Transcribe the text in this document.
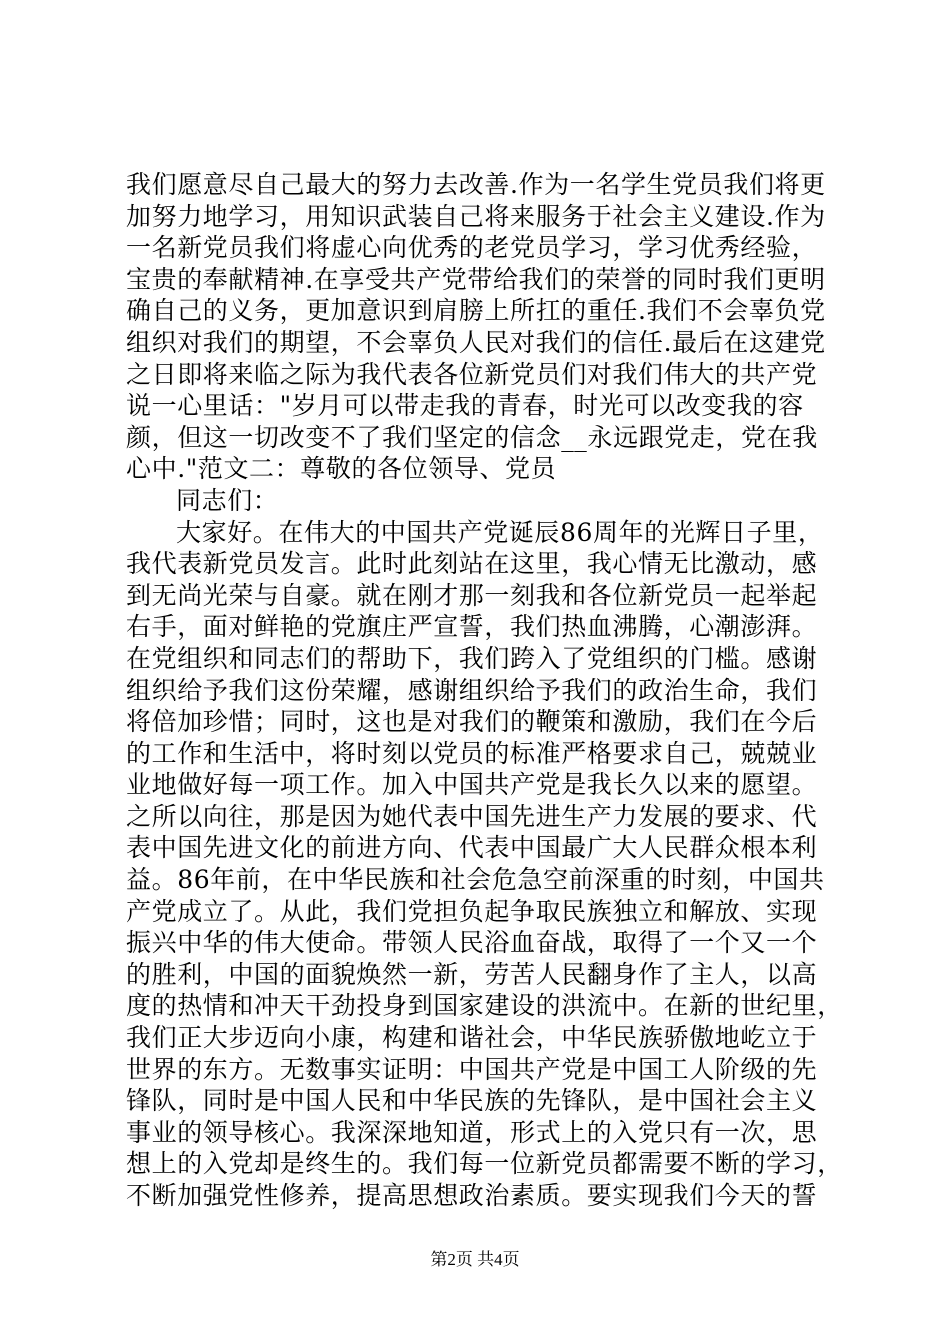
我们愿意尽自己最大的努力去改善.作为一名学生党员我们将更
加努力地学习，用知识武装自己将来服务于社会主义建设.作为
一名新党员我们将虚心向优秀的老党员学习，学习优秀经验，
宝贵的奉献精神.在享受共产党带给我们的荣誉的同时我们更明
确自己的义务，更加意识到肩膀上所扛的重任.我们不会辜负党
组织对我们的期望，不会辜负人民对我们的信任.最后在这建党
之日即将来临之际为我代表各位新党员们对我们伟大的共产党
说一心里话："岁月可以带走我的青春，时光可以改变我的容
颜，但这一切改变不了我们坚定的信念__永远跟党走，党在我
心中."范文二：尊敬的各位领导、党员
同志们：
大家好。在伟大的中国共产党诞辰86周年的光辉日子里，
我代表新党员发言。此时此刻站在这里，我心情无比激动，感
到无尚光荣与自豪。就在刚才那一刻我和各位新党员一起举起
右手，面对鲜艳的党旗庄严宣誓，我们热血沸腾，心潮澎湃。
在党组织和同志们的帮助下，我们跨入了党组织的门槛。感谢
组织给予我们这份荣耀，感谢组织给予我们的政治生命，我们
将倍加珍惜；同时，这也是对我们的鞭策和激励，我们在今后
的工作和生活中，将时刻以党员的标准严格要求自己，兢兢业
业地做好每一项工作。加入中国共产党是我长久以来的愿望。
之所以向往，那是因为她代表中国先进生产力发展的要求、代
表中国先进文化的前进方向、代表中国最广大人民群众根本利
益。86年前，在中华民族和社会危急空前深重的时刻，中国共
产党成立了。从此，我们党担负起争取民族独立和解放、实现
振兴中华的伟大使命。带领人民浴血奋战，取得了一个又一个
的胜利，中国的面貌焕然一新，劳苦人民翻身作了主人，以高
度的热情和冲天干劲投身到国家建设的洪流中。在新的世纪里，
我们正大步迈向小康，构建和谐社会，中华民族骄傲地屹立于
世界的东方。无数事实证明：中国共产党是中国工人阶级的先
锋队，同时是中国人民和中华民族的先锋队，是中国社会主义
事业的领导核心。我深深地知道，形式上的入党只有一次，思
想上的入党却是终生的。我们每一位新党员都需要不断的学习，
不断加强党性修养，提高思想政治素质。要实现我们今天的誓
第2页 共4页
